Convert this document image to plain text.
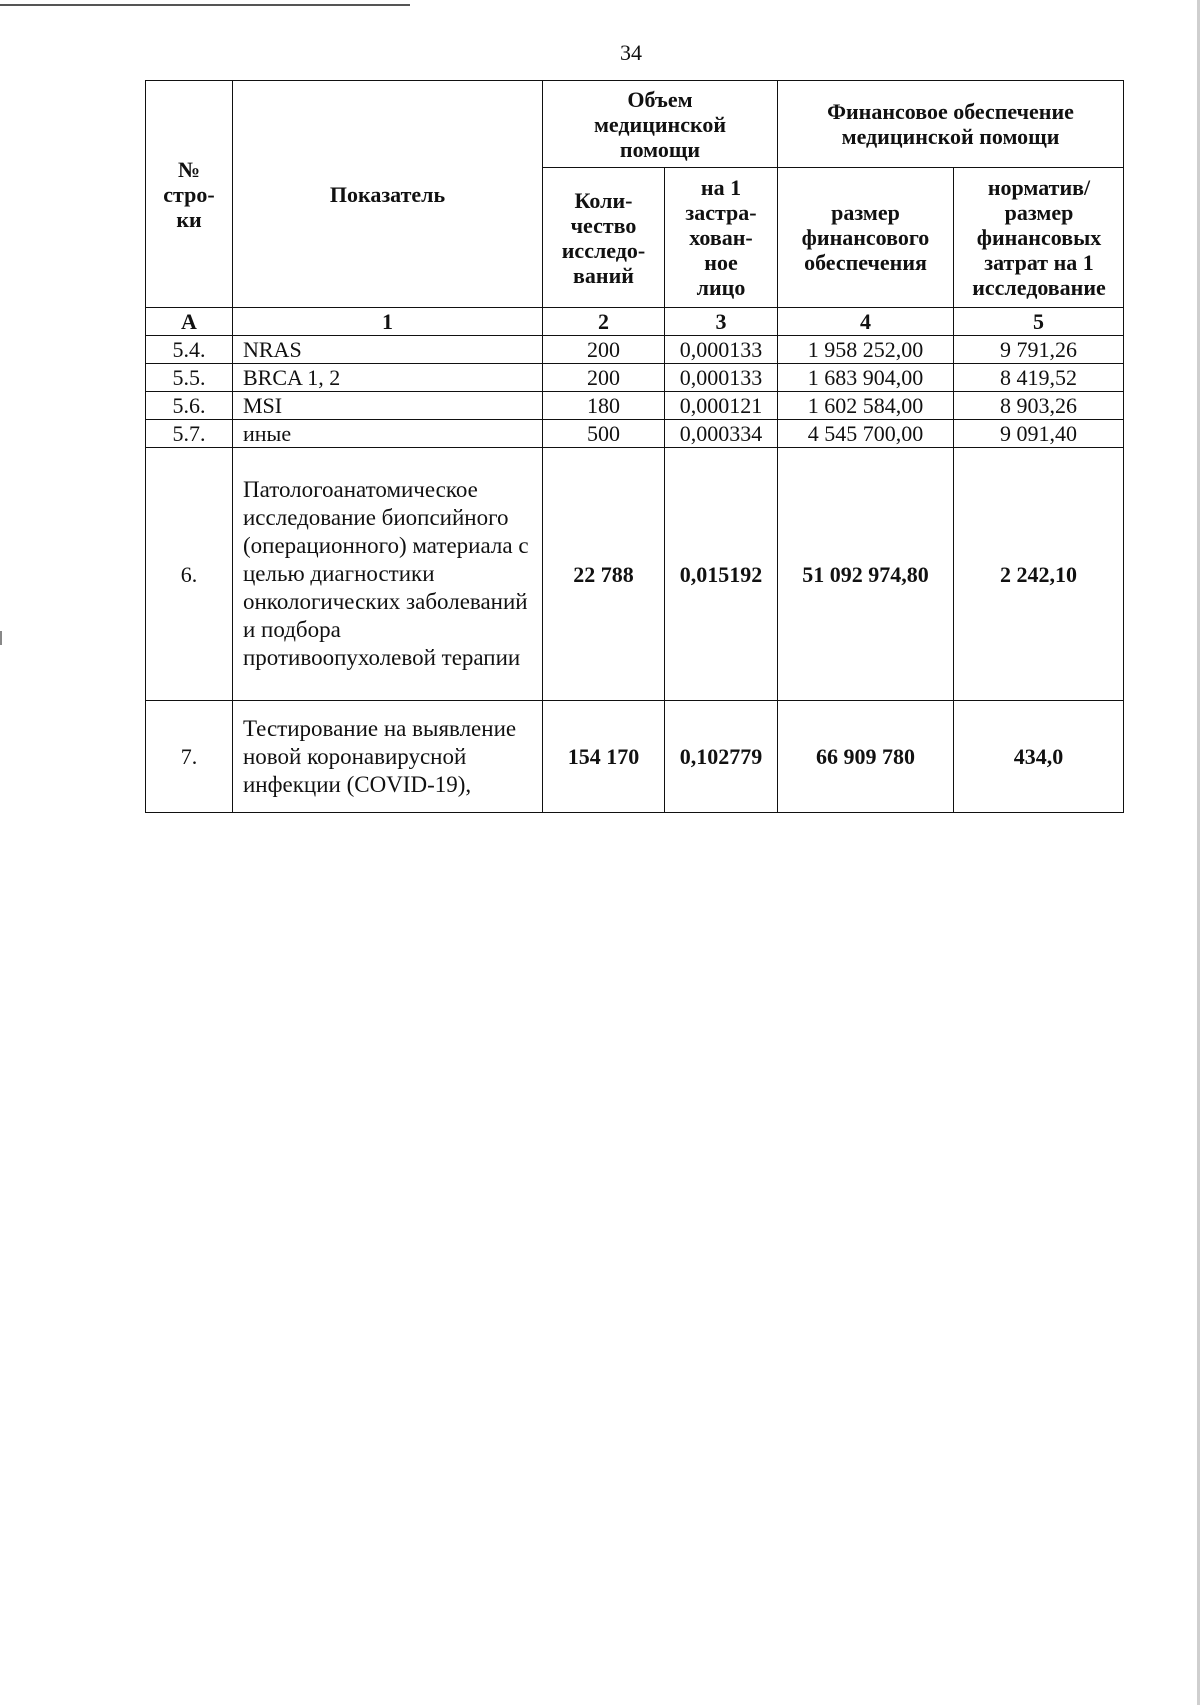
34
№ стро-ки	Показатель	Объем медицинской помощи		Финансовое обеспечение медицинской помощи	

		Коли-чество исследо-ваний	на 1 застра-хован-ное лицо	размер финансового обеспечения	норматив/ размер финансовых затрат на 1 исследование

А	1	2	3	4	5
5.4.	NRAS	200	0,000133	1 958 252,00	9 791,26
5.5.	BRCA 1, 2	200	0,000133	1 683 904,00	8 419,52
5.6.	MSI	180	0,000121	1 602 584,00	8 903,26
5.7.	иные	500	0,000334	4 545 700,00	9 091,40
6.	Патологоанатомическое исследование биопсийного (операционного) материала с целью диагностики онкологических заболеваний и подбора противоопухолевой терапии	22 788	0,015192	51 092 974,80	2 242,10
7.	Тестирование на выявление новой коронавирусной инфекции (COVID-19),	154 170	0,102779	66 909 780	434,0
